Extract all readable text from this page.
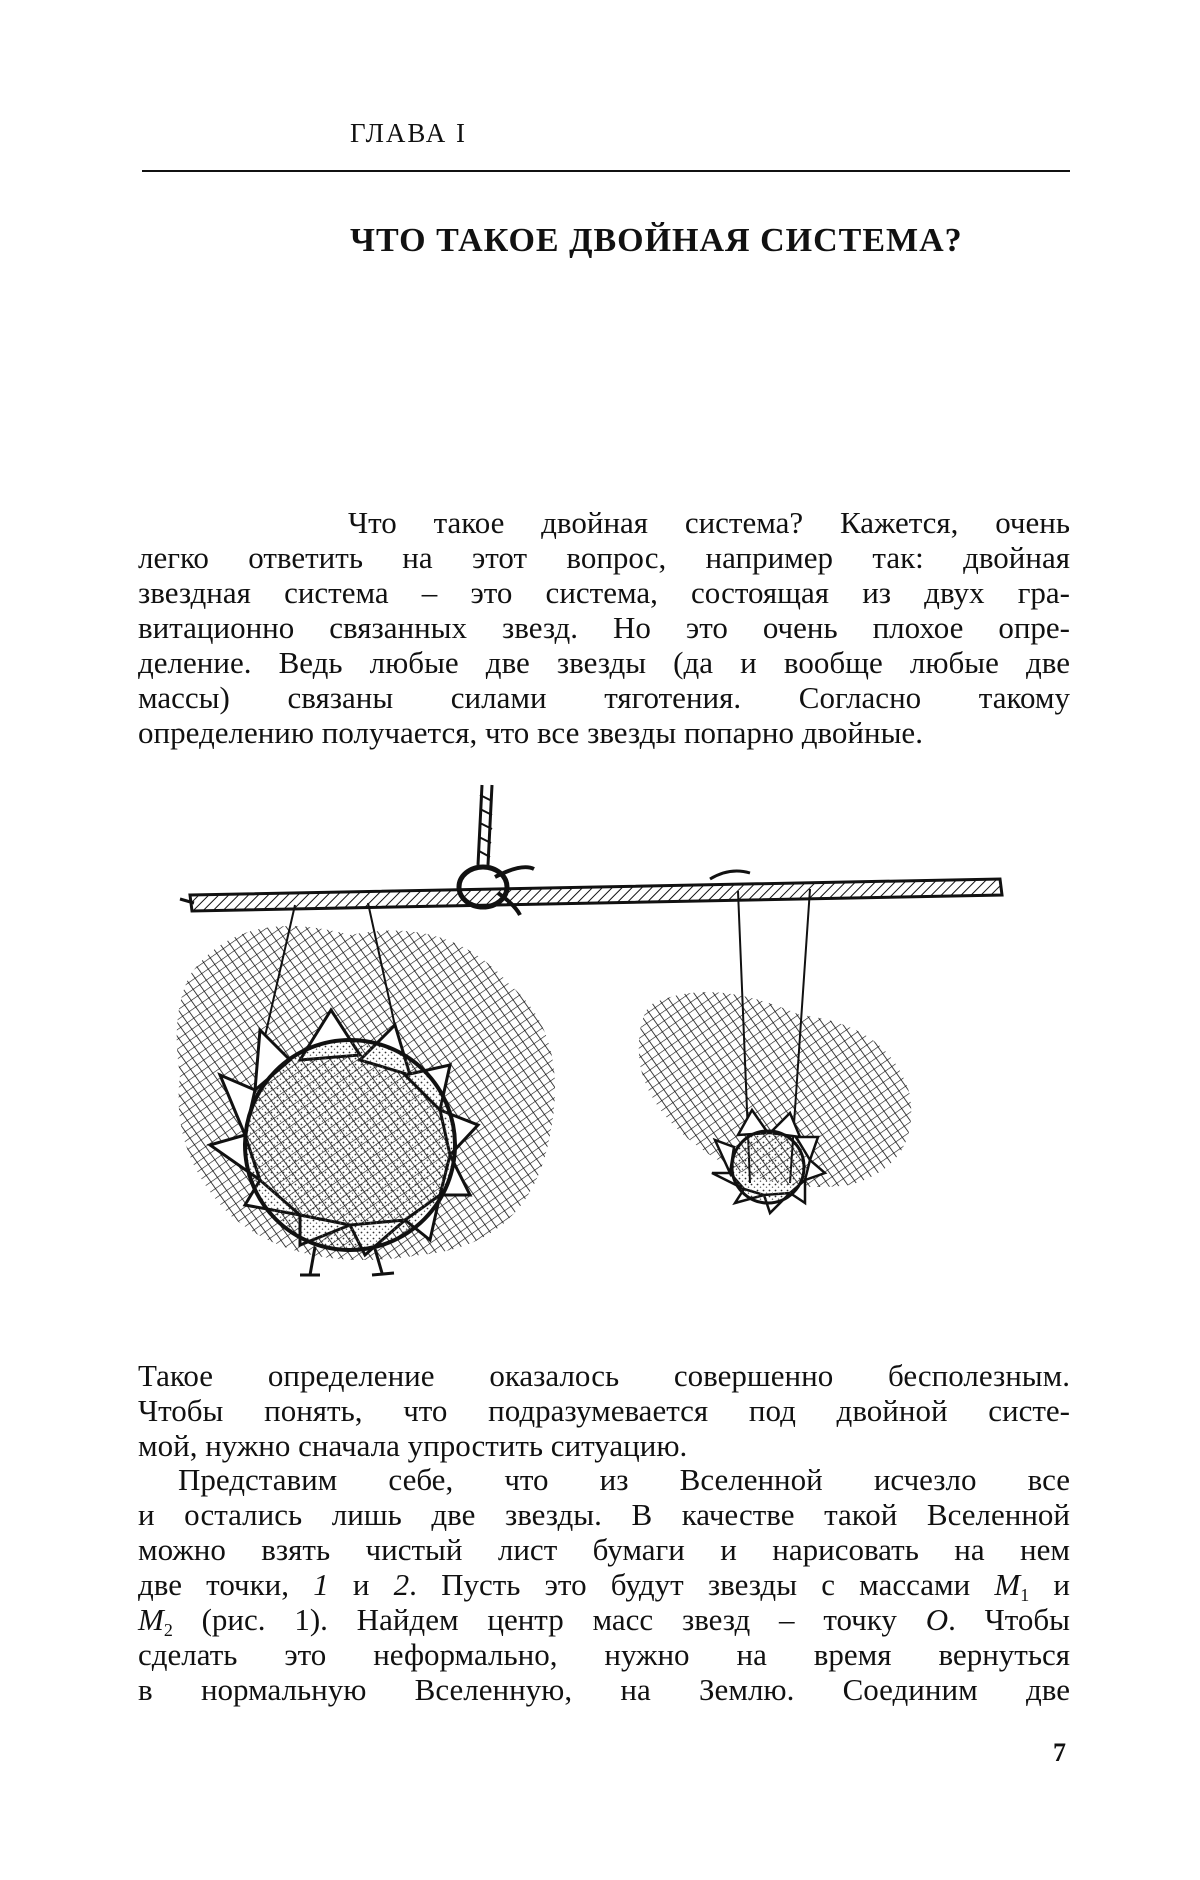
ГЛАВА I
ЧТО ТАКОЕ ДВОЙНАЯ СИСТЕМА?
Что такое двойная система? Кажется, очень
легко ответить на этот вопрос, например так: двойная
звездная система – это система, состоящая из двух гра-
витационно связанных звезд. Но это очень плохое опре-
деление. Ведь любые две звезды (да и вообще любые две
массы) связаны силами тяготения. Согласно такому
определению получается, что все звезды попарно двойные.
Такое определение оказалось совершенно бесполезным.
Чтобы понять, что подразумевается под двойной систе-
мой, нужно сначала упростить ситуацию.
Представим себе, что из Вселенной исчезло все
и остались лишь две звезды. В качестве такой Вселенной
можно взять чистый лист бумаги и нарисовать на нем
две точки, 1 и 2. Пусть это будут звезды с массами $M_1$ и
$M_2$ (рис. 1). Найдем центр масс звезд – точку O. Чтобы
сделать это неформально, нужно на время вернуться
в нормальную Вселенную, на Землю. Соединим две
7
